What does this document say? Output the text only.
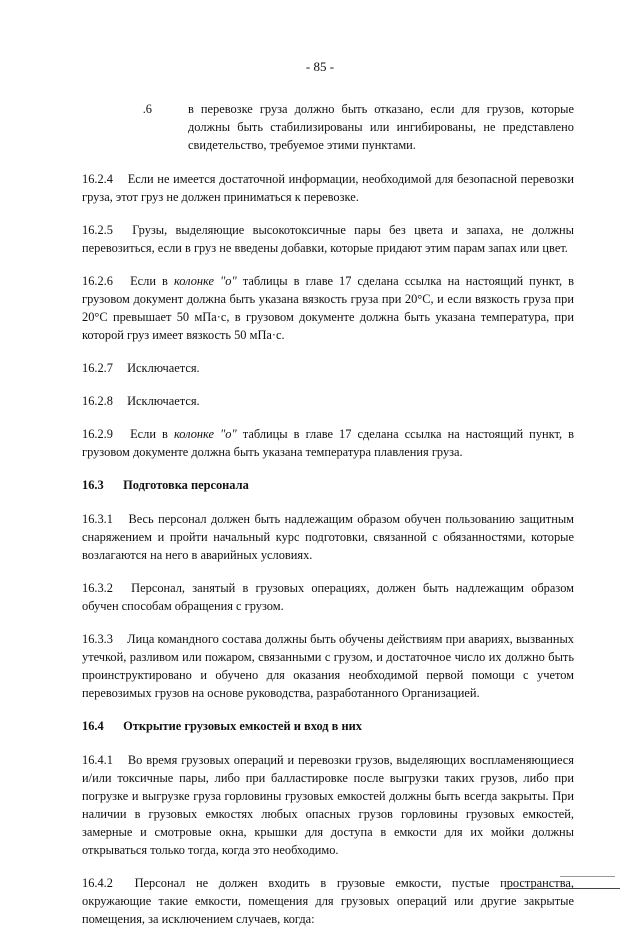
- 85 -
.6	в перевозке груза должно быть отказано, если для грузов, которые должны быть стабилизированы или ингибированы, не представлено свидетельство, требуемое этими пунктами.
16.2.4 Если не имеется достаточной информации, необходимой для безопасной перевозки груза, этот груз не должен приниматься к перевозке.
16.2.5 Грузы, выделяющие высокотоксичные пары без цвета и запаха, не должны перевозиться, если в груз не введены добавки, которые придают этим парам запах или цвет.
16.2.6 Если в колонке "o" таблицы в главе 17 сделана ссылка на настоящий пункт, в грузовом документ должна быть указана вязкость груза при 20°С, и если вязкость груза при 20°С превышает 50 мПа·с, в грузовом документе должна быть указана температура, при которой груз имеет вязкость 50 мПа·с.
16.2.7 Исключается.
16.2.8 Исключается.
16.2.9 Если в колонке "o" таблицы в главе 17 сделана ссылка на настоящий пункт, в грузовом документе должна быть указана температура плавления груза.
16.3 Подготовка персонала
16.3.1 Весь персонал должен быть надлежащим образом обучен пользованию защитным снаряжением и пройти начальный курс подготовки, связанной с обязанностями, которые возлагаются на него в аварийных условиях.
16.3.2 Персонал, занятый в грузовых операциях, должен быть надлежащим образом обучен способам обращения с грузом.
16.3.3 Лица командного состава должны быть обучены действиям при авариях, вызванных утечкой, разливом или пожаром, связанными с грузом, и достаточное число их должно быть проинструктировано и обучено для оказания необходимой первой помощи с учетом перевозимых грузов на основе руководства, разработанного Организацией.
16.4 Открытие грузовых емкостей и вход в них
16.4.1 Во время грузовых операций и перевозки грузов, выделяющих воспламеняющиеся и/или токсичные пары, либо при балластировке после выгрузки таких грузов, либо при погрузке и выгрузке груза горловины грузовых емкостей должны быть всегда закрыты. При наличии в грузовых емкостях любых опасных грузов горловины грузовых емкостей, замерные и смотровые окна, крышки для доступа в емкости для их мойки должны открываться только тогда, когда это необходимо.
16.4.2 Персонал не должен входить в грузовые емкости, пустые пространства, окружающие такие емкости, помещения для грузовых операций или другие закрытые помещения, за исключением случаев, когда:
